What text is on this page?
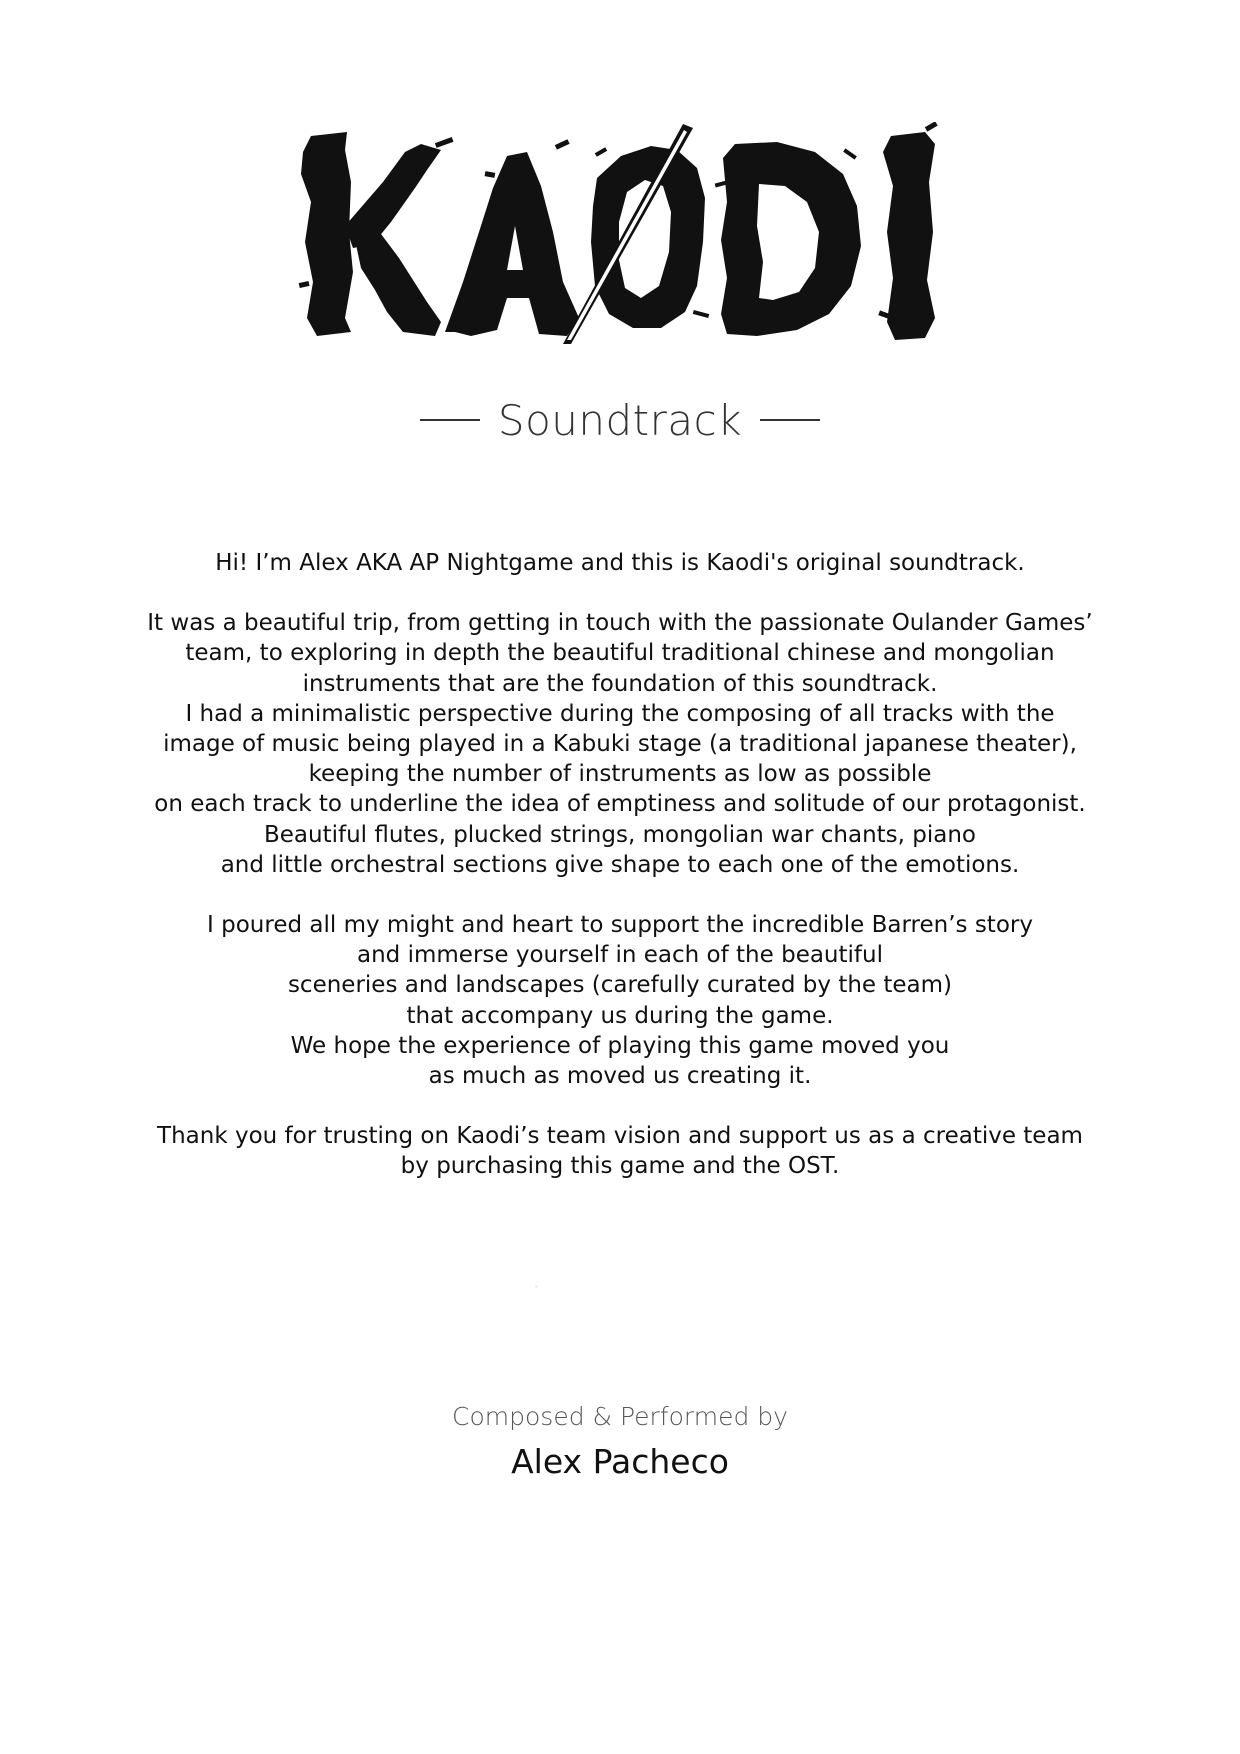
Soundtrack

Hi! I’m Alex AKA AP Nightgame and this is Kaodi's original soundtrack.

It was a beautiful trip, from getting in touch with the passionate Oulander Games’
team, to exploring in depth the beautiful traditional chinese and mongolian
instruments that are the foundation of this soundtrack.
I had a minimalistic perspective during the composing of all tracks with the
image of music being played in a Kabuki stage (a traditional japanese theater),
keeping the number of instruments as low as possible
on each track to underline the idea of emptiness and solitude of our protagonist.
Beautiful flutes, plucked strings, mongolian war chants, piano
and little orchestral sections give shape to each one of the emotions.

I poured all my might and heart to support the incredible Barren’s story
and immerse yourself in each of the beautiful
sceneries and landscapes (carefully curated by the team)
that accompany us during the game.
We hope the experience of playing this game moved you
as much as moved us creating it.

Thank you for trusting on Kaodi’s team vision and support us as a creative team
by purchasing this game and the OST.

Composed & Performed by
Alex Pacheco
